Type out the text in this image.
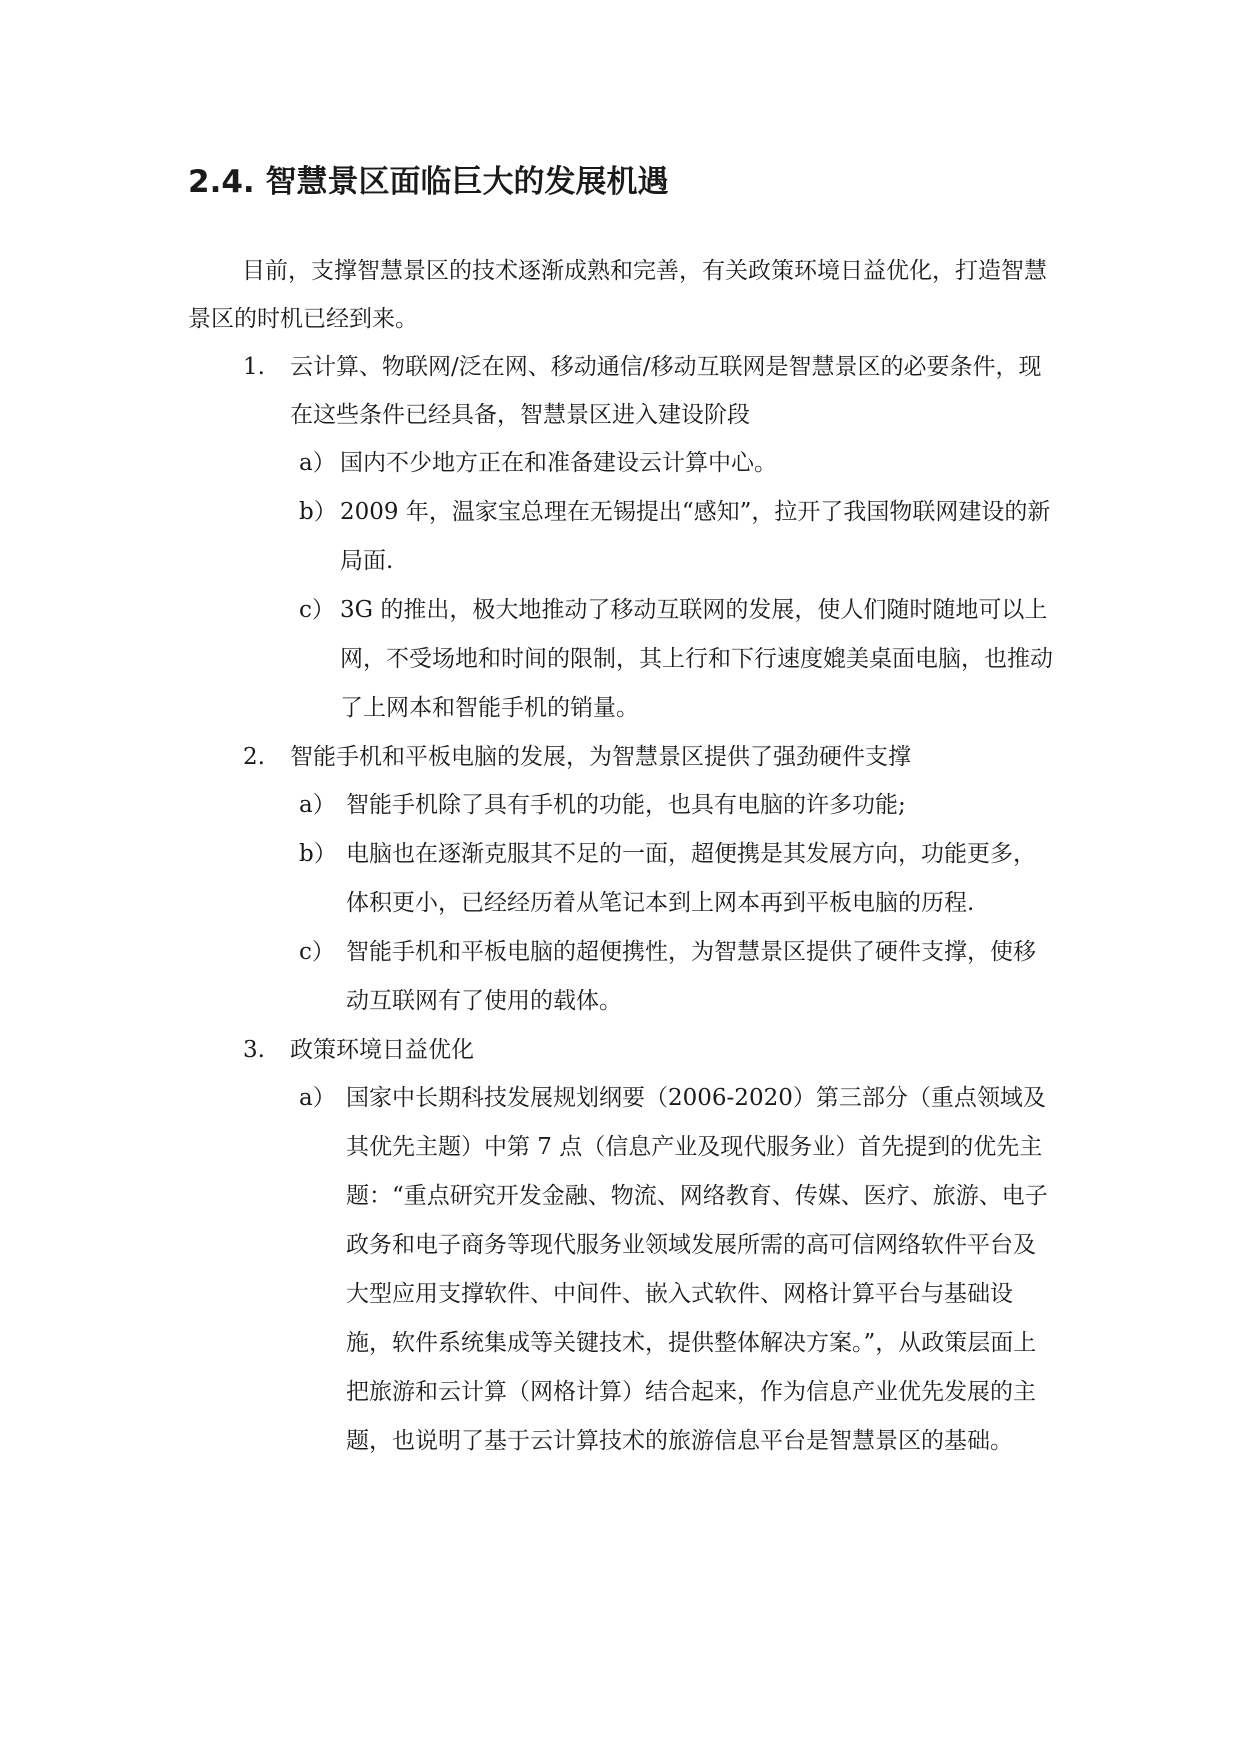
2.4. 智慧景区面临巨大的发展机遇

目前，支撑智慧景区的技术逐渐成熟和完善，有关政策环境日益优化，打造智慧景区的时机已经到来。

1. 云计算、物联网/泛在网、移动通信/移动互联网是智慧景区的必要条件，现在这些条件已经具备，智慧景区进入建设阶段

a） 国内不少地方正在和准备建设云计算中心。
b） 2009 年，温家宝总理在无锡提出“感知”，拉开了我国物联网建设的新局面.
c） 3G 的推出，极大地推动了移动互联网的发展，使人们随时随地可以上网，不受场地和时间的限制，其上行和下行速度媲美桌面电脑，也推动了上网本和智能手机的销量。

2. 智能手机和平板电脑的发展，为智慧景区提供了强劲硬件支撑

a） 智能手机除了具有手机的功能，也具有电脑的许多功能;
b） 电脑也在逐渐克服其不足的一面，超便携是其发展方向，功能更多，体积更小，已经经历着从笔记本到上网本再到平板电脑的历程.
c） 智能手机和平板电脑的超便携性，为智慧景区提供了硬件支撑，使移动互联网有了使用的载体。

3. 政策环境日益优化

a） 国家中长期科技发展规划纲要（2006-2020）第三部分（重点领域及其优先主题）中第 7 点（信息产业及现代服务业）首先提到的优先主题：“重点研究开发金融、物流、网络教育、传媒、医疗、旅游、电子政务和电子商务等现代服务业领域发展所需的高可信网络软件平台及大型应用支撑软件、中间件、嵌入式软件、网格计算平台与基础设施，软件系统集成等关键技术，提供整体解决方案。”，从政策层面上把旅游和云计算（网格计算）结合起来，作为信息产业优先发展的主题，也说明了基于云计算技术的旅游信息平台是智慧景区的基础。
